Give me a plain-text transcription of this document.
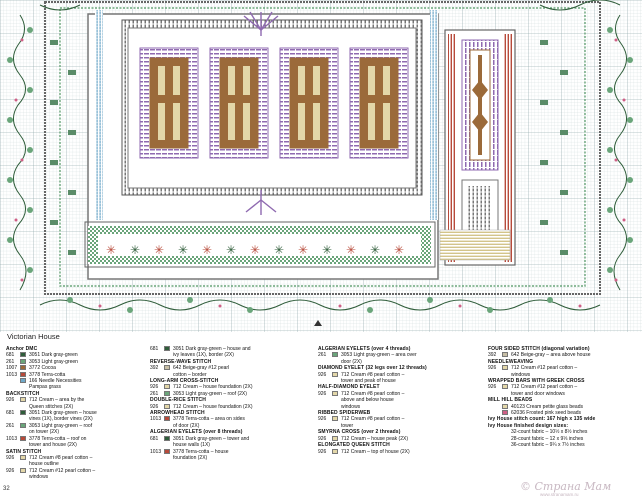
✳ ✳ ✳ ✳ ✳ ✳ ✳ ✳ ✳ ✳ ✳ ✳ ✳
Victorian House
Anchor DMC
681	3051 Dark gray-green
261	3053 Light gray-green
1007 3772 Cocoa
1013 3778 Terra-cotta
166 Needle Necessities
Pampas grass
BACKSTITCH
926	712 Cream – area by the
Queen stitches (2X)
681	3051 Dark gray-green – house
vines (1X), border vines (2X)
261	3053 Light gray-green – roof
on tower (2X)
1013 3778 Terra-cotta – roof on
tower and house (2X)
SATIN STITCH
926	712 Cream #8 pearl cotton –
house outline
926	712 Cream #12 pearl cotton –
windows
681	3051 Dark gray-green – house and
ivy leaves (1X), border (2X)
REVERSE-WAVE STITCH
392	642 Beige-gray #12 pearl
cotton – border
LONG-ARM CROSS-STITCH
926	712 Cream – house foundation (2X)
261	3053 Light gray-green – roof (2X)
DOUBLE-RICE STITCH
926	712 Cream – house foundation (2X)
ARROWHEAD STITCH
1013 3778 Terra-cotta – area on sides
of door (2X)
ALGERIAN EYELETS (over 8 threads)
681	3051 Dark gray-green – tower and
house walls (1X)
1013 3778 Terra-cotta – house
foundation (2X)
ALGERIAN EYELETS (over 4 threads)
261	3053 Light gray-green – area over
door (2X)
DIAMOND EYELET (32 legs over 12 threads)
926	712 Cream #8 pearl cotton –
tower and peak of house
HALF-DIAMOND EYELET
926	712 Cream #8 pearl cotton –
above and below house
windows
RIBBED SPIDERWEB
926	712 Cream #8 pearl cotton –
tower
SMYRNA CROSS (over 2 threads)
926	712 Cream – house peak (2X)
ELONGATED QUEEN STITCH
926	712 Cream – top of house (2X)
FOUR SIDED STITCH (diagonal variation)
392	642 Beige-gray – area above house
NEEDLEWEAVING
926	712 Cream #12 pearl cotton –
windows
WRAPPED BARS WITH GREEK CROSS
926	712 Cream #12 pearl cotton –
tower and door windows
MILL HILL BEADS
40123 Cream petite glass beads
62036 Frosted pink seed beads
Ivy House stitch count: 167 high x 135 wide
Ivy House finished design sizes:
32-count fabric – 10½ x 8½ inches
28-count fabric – 12 x 9⅓ inches
36-count fabric – 9¼ x 7½ inches
32	© Страна Мам
www.stranamam.ru
